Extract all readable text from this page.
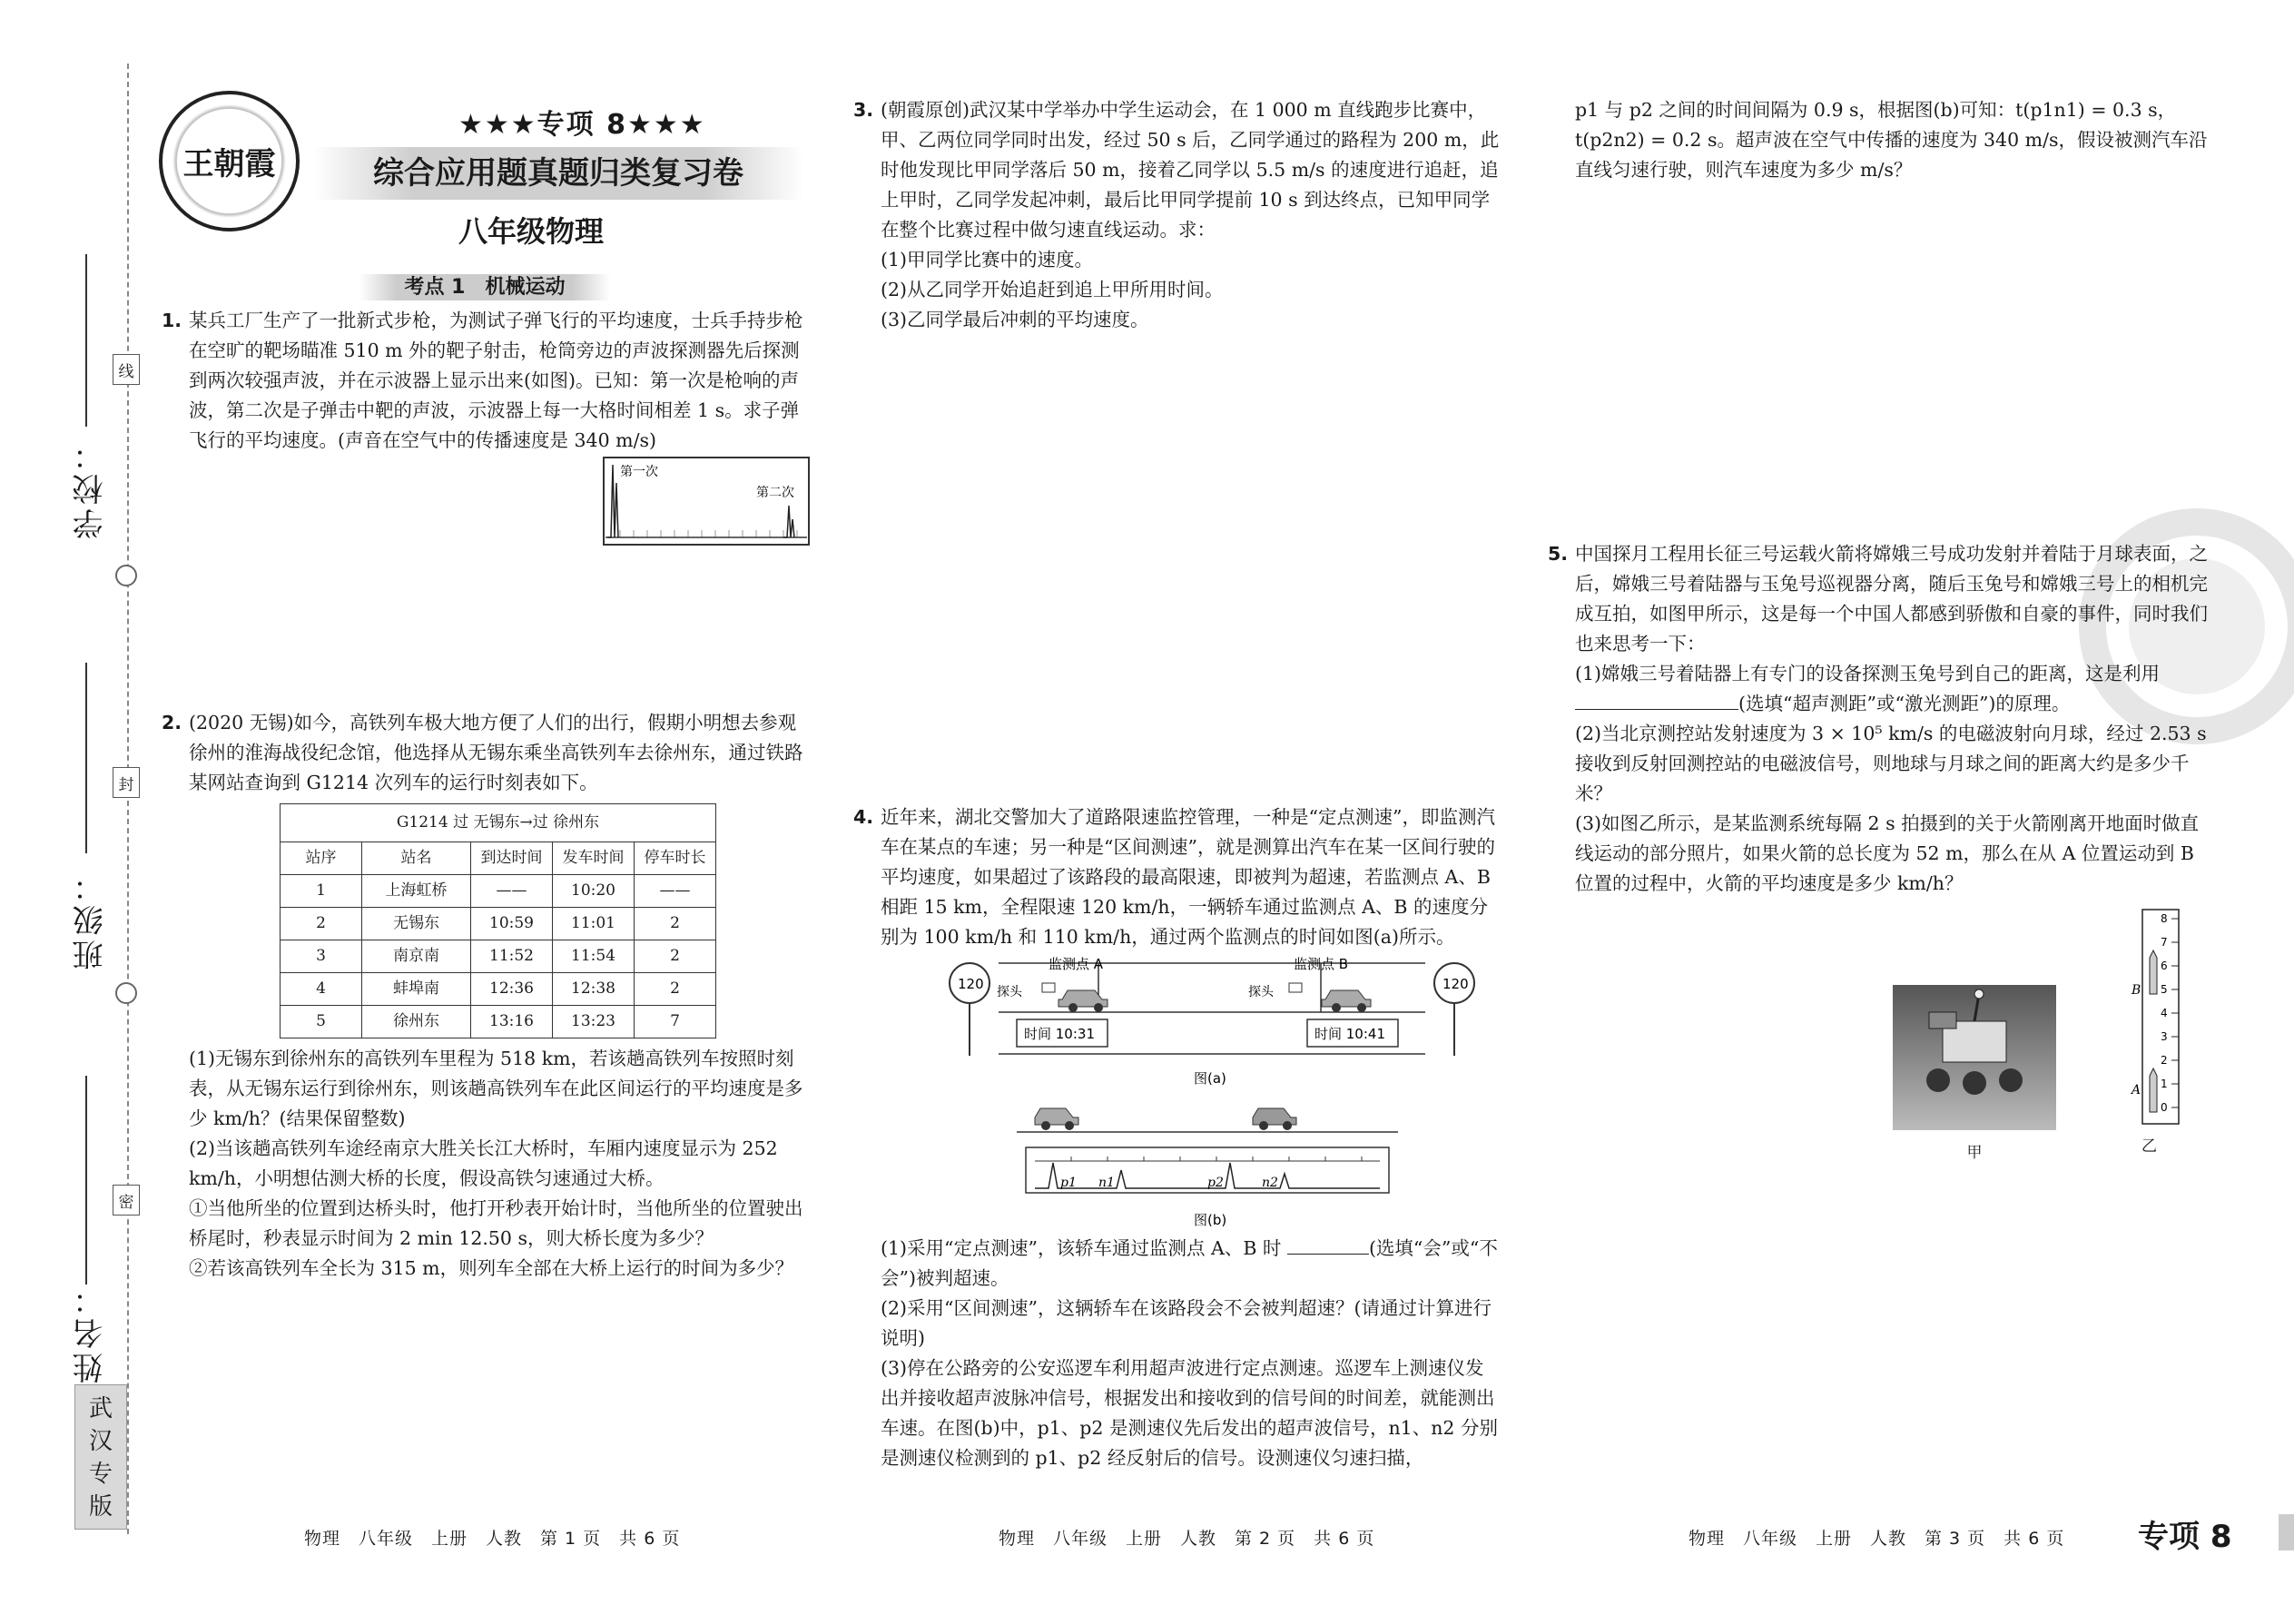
学校：
班级：
姓名：
线
封
密
武
汉
专
版
王朝霞
★★★专项 8★★★
综合应用题真题归类复习卷
八年级物理
考点 1　机械运动
1. 某兵工厂生产了一批新式步枪，为测试子弹飞行的平均速度，士兵手持步枪在空旷的靶场瞄准 510 m 外的靶子射击，枪筒旁边的声波探测器先后探测到两次较强声波，并在示波器上显示出来(如图)。已知：第一次是枪响的声波，第二次是子弹击中靶的声波，示波器上每一大格时间相差 1 s。求子弹飞行的平均速度。(声音在空气中的传播速度是 340 m/s)

第一次
第二次
2. (2020 无锡)如今，高铁列车极大地方便了人们的出行，假期小明想去参观徐州的淮海战役纪念馆，他选择从无锡东乘坐高铁列车去徐州东，通过铁路某网站查询到 G1214 次列车的运行时刻表如下。

G1214 过 无锡东→过 徐州东
站序	站名	到达时间	发车时间	停车时长
1	上海虹桥	——	10:20	——
2	无锡东	10:59	11:01	2
3	南京南	11:52	11:54	2
4	蚌埠南	12:36	12:38	2
5	徐州东	13:16	13:23	7

(1)无锡东到徐州东的高铁列车里程为 518 km，若该趟高铁列车按照时刻表，从无锡东运行到徐州东，则该趟高铁列车在此区间运行的平均速度是多少 km/h？(结果保留整数)

(2)当该趟高铁列车途经南京大胜关长江大桥时，车厢内速度显示为 252 km/h，小明想估测大桥的长度，假设高铁匀速通过大桥。

①当他所坐的位置到达桥头时，他打开秒表开始计时，当他所坐的位置驶出桥尾时，秒表显示时间为 2 min 12.50 s，则大桥长度为多少？

②若该高铁列车全长为 315 m，则列车全部在大桥上运行的时间为多少？

3. (朝霞原创)武汉某中学举办中学生运动会，在 1 000 m 直线跑步比赛中，甲、乙两位同学同时出发，经过 50 s 后，乙同学通过的路程为 200 m，此时他发现比甲同学落后 50 m，接着乙同学以 5.5 m/s 的速度进行追赶，追上甲时，乙同学发起冲刺，最后比甲同学提前 10 s 到达终点，已知甲同学在整个比赛过程中做匀速直线运动。求：

(1)甲同学比赛中的速度。

(2)从乙同学开始追赶到追上甲所用时间。

(3)乙同学最后冲刺的平均速度。

4. 近年来，湖北交警加大了道路限速监控管理，一种是“定点测速”，即监测汽车在某点的车速；另一种是“区间测速”，就是测算出汽车在某一区间行驶的平均速度，如果超过了该路段的最高限速，即被判为超速，若监测点 A、B 相距 15 km，全程限速 120 km/h，一辆轿车通过监测点 A、B 的速度分别为 100 km/h 和 110 km/h，通过两个监测点的时间如图(a)所示。

120	120
监测点 A	监测点 B
探头	探头
时间 10:31	时间 10:41
图(a)
p1 n1	p2	n2
图(b)

(1)采用“定点测速”，该轿车通过监测点 A、B 时	(选填“会”或“不会”)被判超速。

(2)采用“区间测速”，这辆轿车在该路段会不会被判超速？(请通过计算进行说明)

(3)停在公路旁的公安巡逻车利用超声波进行定点测速。巡逻车上测速仪发出并接收超声波脉冲信号，根据发出和接收到的信号间的时间差，就能测出车速。在图(b)中，p1、p2 是测速仪先后发出的超声波信号，n1、n2 分别是测速仪检测到的 p1、p2 经反射后的信号。设测速仪匀速扫描，

p1 与 p2 之间的时间间隔为 0.9 s，根据图(b)可知：t(p1n1) = 0.3 s，t(p2n2) = 0.2 s。超声波在空气中传播的速度为 340 m/s，假设被测汽车沿直线匀速行驶，则汽车速度为多少 m/s？

5. 中国探月工程用长征三号运载火箭将嫦娥三号成功发射并着陆于月球表面，之后，嫦娥三号着陆器与玉兔号巡视器分离，随后玉兔号和嫦娥三号上的相机完成互拍，如图甲所示，这是每一个中国人都感到骄傲和自豪的事件，同时我们也来思考一下：

(1)嫦娥三号着陆器上有专门的设备探测玉兔号到自己的距离，这是利用 (选填“超声测距”或“激光测距”)的原理。

(2)当北京测控站发射速度为 3 × 10⁵ km/s 的电磁波射向月球，经过 2.53 s 接收到反射回测控站的电磁波信号，则地球与月球之间的距离大约是多少千米？

(3)如图乙所示，是某监测系统每隔 2 s 拍摄到的关于火箭刚离开地面时做直线运动的部分照片，如果火箭的总长度为 52 m，那么在从 A 位置运动到 B 位置的过程中，火箭的平均速度是多少 km/h？

甲
0
1
2
3
4
5
6
7
8
B
A
乙
物理　八年级　上册　人教　第 1 页　共 6 页	物理　八年级　上册　人教　第 2 页　共 6 页	物理　八年级　上册　人教　第 3 页　共 6 页 专项 8
